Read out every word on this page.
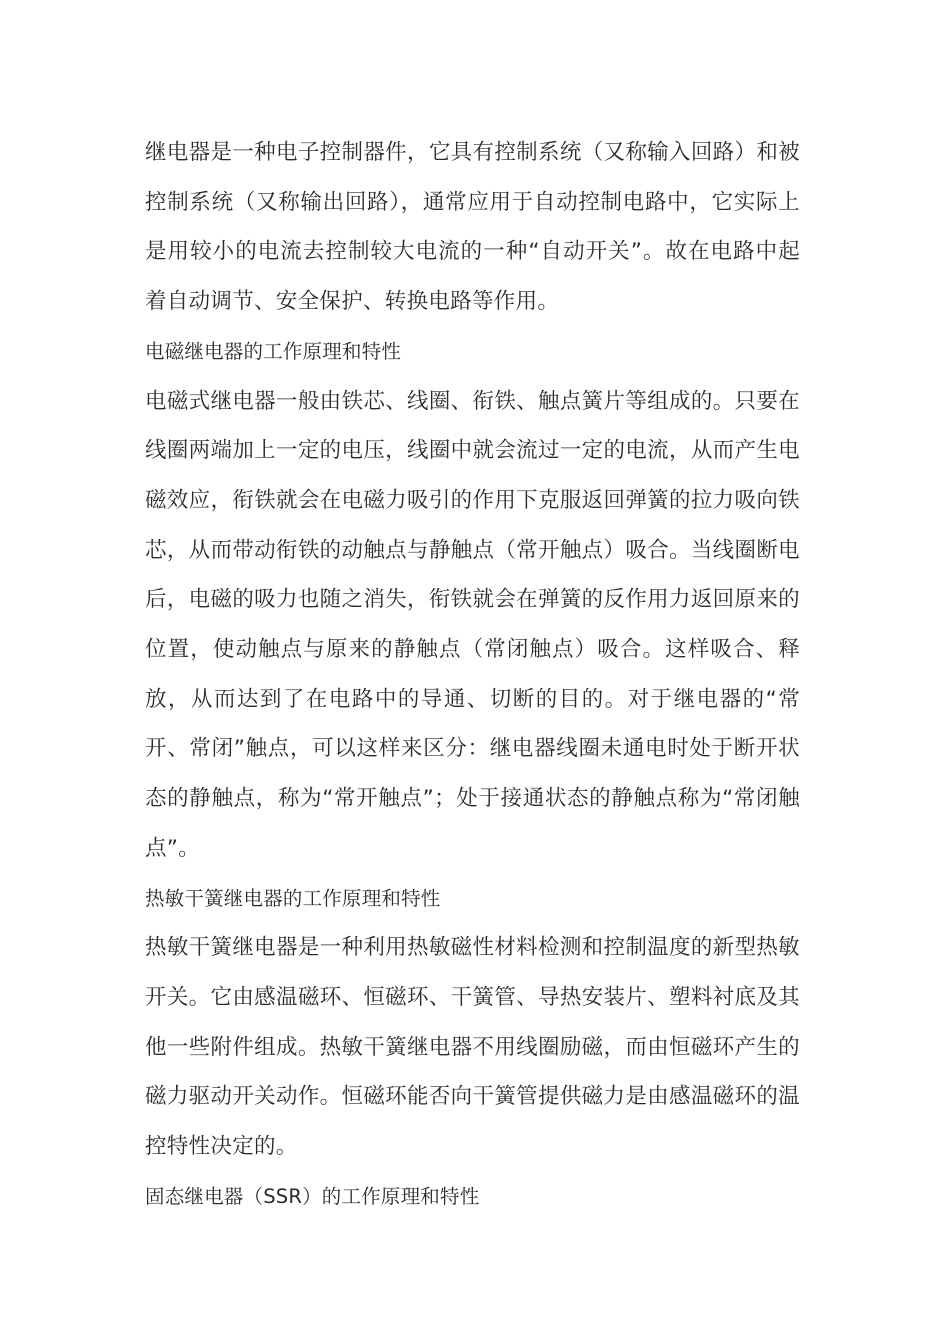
继电器是一种电子控制器件，它具有控制系统（又称输入回路）和被控制系统（又称输出回路），通常应用于自动控制电路中，它实际上是用较小的电流去控制较大电流的一种“自动开关”。故在电路中起着自动调节、安全保护、转换电路等作用。

电磁继电器的工作原理和特性

电磁式继电器一般由铁芯、线圈、衔铁、触点簧片等组成的。只要在线圈两端加上一定的电压，线圈中就会流过一定的电流，从而产生电磁效应，衔铁就会在电磁力吸引的作用下克服返回弹簧的拉力吸向铁芯，从而带动衔铁的动触点与静触点（常开触点）吸合。当线圈断电后，电磁的吸力也随之消失，衔铁就会在弹簧的反作用力返回原来的位置，使动触点与原来的静触点（常闭触点）吸合。这样吸合、释放，从而达到了在电路中的导通、切断的目的。对于继电器的“常开、常闭”触点，可以这样来区分：继电器线圈未通电时处于断开状态的静触点，称为“常开触点”；处于接通状态的静触点称为“常闭触点”。

热敏干簧继电器的工作原理和特性

热敏干簧继电器是一种利用热敏磁性材料检测和控制温度的新型热敏开关。它由感温磁环、恒磁环、干簧管、导热安装片、塑料衬底及其他一些附件组成。热敏干簧继电器不用线圈励磁，而由恒磁环产生的磁力驱动开关动作。恒磁环能否向干簧管提供磁力是由感温磁环的温控特性决定的。

固态继电器（SSR）的工作原理和特性
